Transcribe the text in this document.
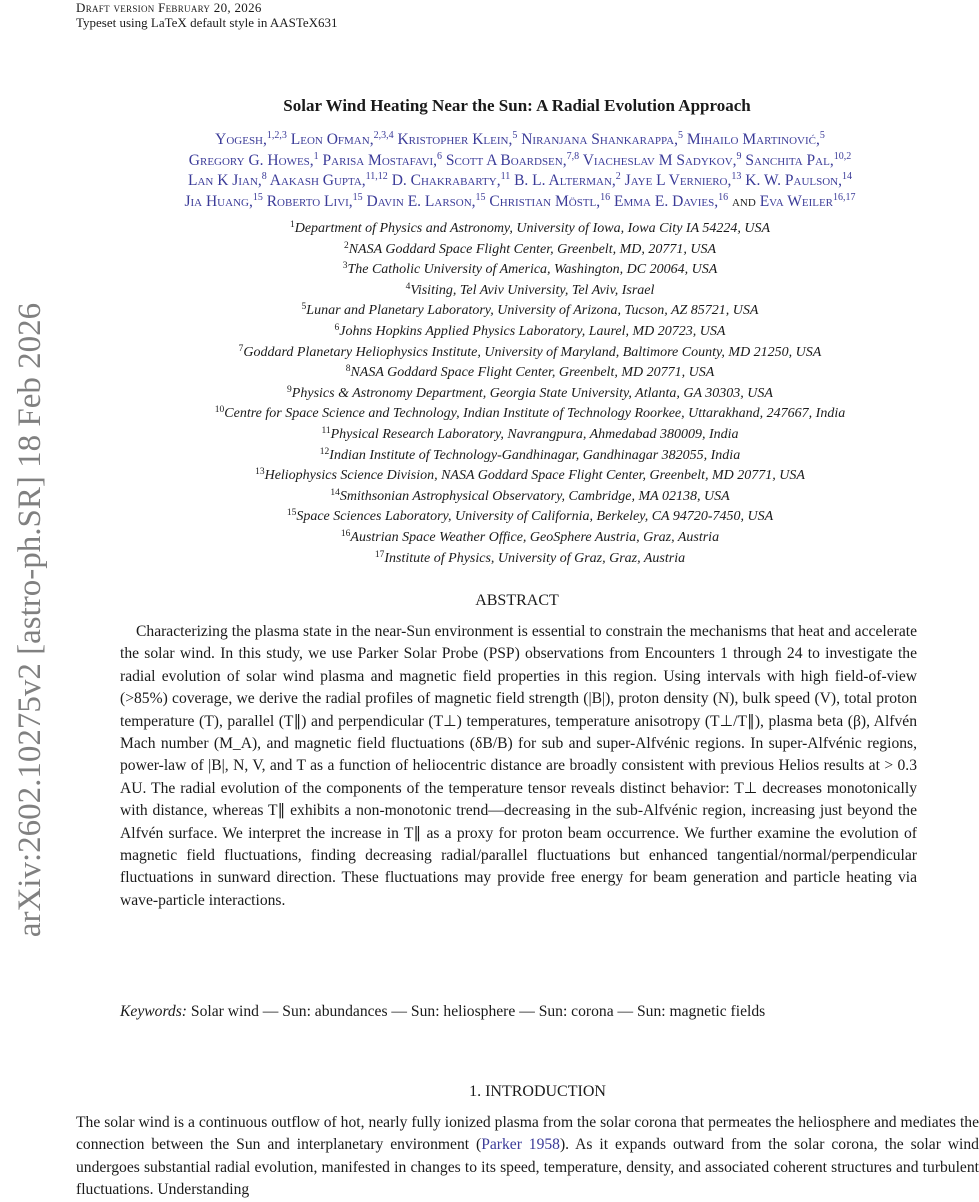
Draft version February 20, 2026
Typeset using LaTeX default style in AASTeX631
arXiv:2602.10275v2 [astro-ph.SR] 18 Feb 2026
Solar Wind Heating Near the Sun: A Radial Evolution Approach
Yogesh,$^{1,2,3}$ Leon Ofman,$^{2,3,4}$ Kristopher Klein,$^5$ Niranjana Shankarappa,$^5$ Mihailo Martinović,$^5$
Gregory G. Howes,$^1$ Parisa Mostafavi,$^6$ Scott A Boardsen,$^{7,8}$ Viacheslav M Sadykov,$^9$ Sanchita Pal,$^{10,2}$
Lan K Jian,$^8$ Aakash Gupta,$^{11,12}$ D. Chakrabarty,$^{11}$ B. L. Alterman,$^2$ Jaye L Verniero,$^{13}$ K. W. Paulson,$^{14}$
Jia Huang,$^{15}$ Roberto Livi,$^{15}$ Davin E. Larson,$^{15}$ Christian Möstl,$^{16}$ Emma E. Davies,$^{16}$ and Eva Weiler$^{16,17}$
$^1$Department of Physics and Astronomy, University of Iowa, Iowa City IA 54224, USA
$^2$NASA Goddard Space Flight Center, Greenbelt, MD, 20771, USA
$^3$The Catholic University of America, Washington, DC 20064, USA
$^4$Visiting, Tel Aviv University, Tel Aviv, Israel
$^5$Lunar and Planetary Laboratory, University of Arizona, Tucson, AZ 85721, USA
$^6$Johns Hopkins Applied Physics Laboratory, Laurel, MD 20723, USA
$^7$Goddard Planetary Heliophysics Institute, University of Maryland, Baltimore County, MD 21250, USA
$^8$NASA Goddard Space Flight Center, Greenbelt, MD 20771, USA
$^9$Physics & Astronomy Department, Georgia State University, Atlanta, GA 30303, USA
$^{10}$Centre for Space Science and Technology, Indian Institute of Technology Roorkee, Uttarakhand, 247667, India
$^{11}$Physical Research Laboratory, Navrangpura, Ahmedabad 380009, India
$^{12}$Indian Institute of Technology-Gandhinagar, Gandhinagar 382055, India
$^{13}$Heliophysics Science Division, NASA Goddard Space Flight Center, Greenbelt, MD 20771, USA
$^{14}$Smithsonian Astrophysical Observatory, Cambridge, MA 02138, USA
$^{15}$Space Sciences Laboratory, University of California, Berkeley, CA 94720-7450, USA
$^{16}$Austrian Space Weather Office, GeoSphere Austria, Graz, Austria
$^{17}$Institute of Physics, University of Graz, Graz, Austria
ABSTRACT
Characterizing the plasma state in the near-Sun environment is essential to constrain the mechanisms that heat and accelerate the solar wind. In this study, we use Parker Solar Probe (PSP) observations from Encounters 1 through 24 to investigate the radial evolution of solar wind plasma and magnetic field properties in this region. Using intervals with high field-of-view (>85%) coverage, we derive the radial profiles of magnetic field strength (|B|), proton density (N), bulk speed (V), total proton temperature (T), parallel (T∥) and perpendicular (T⊥) temperatures, temperature anisotropy (T⊥/T∥), plasma beta (β), Alfvén Mach number (M_A), and magnetic field fluctuations (δB/B) for sub and super-Alfvénic regions. In super-Alfvénic regions, power-law of |B|, N, V, and T as a function of heliocentric distance are broadly consistent with previous Helios results at > 0.3 AU. The radial evolution of the components of the temperature tensor reveals distinct behavior: T⊥ decreases monotonically with distance, whereas T∥ exhibits a non-monotonic trend—decreasing in the sub-Alfvénic region, increasing just beyond the Alfvén surface. We interpret the increase in T∥ as a proxy for proton beam occurrence. We further examine the evolution of magnetic field fluctuations, finding decreasing radial/parallel fluctuations but enhanced tangential/normal/perpendicular fluctuations in sunward direction. These fluctuations may provide free energy for beam generation and particle heating via wave-particle interactions.
Keywords: Solar wind — Sun: abundances — Sun: heliosphere — Sun: corona — Sun: magnetic fields
1. INTRODUCTION
The solar wind is a continuous outflow of hot, nearly fully ionized plasma from the solar corona that permeates the heliosphere and mediates the connection between the Sun and interplanetary environment (Parker 1958). As it expands outward from the solar corona, the solar wind undergoes substantial radial evolution, manifested in changes to its speed, temperature, density, and associated coherent structures and turbulent fluctuations. Understanding
